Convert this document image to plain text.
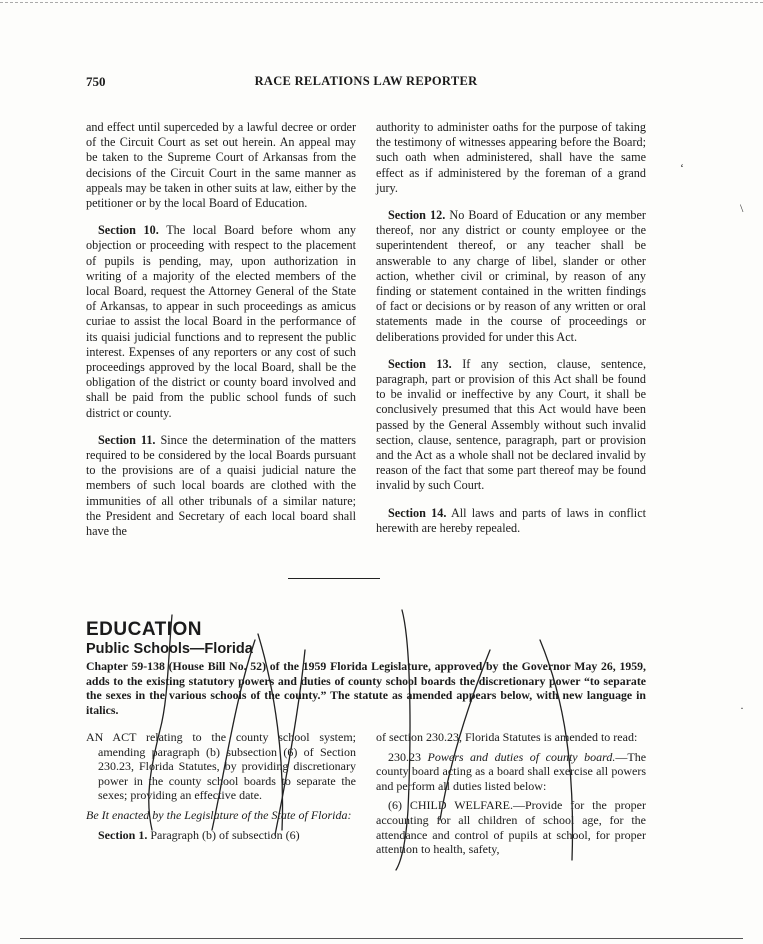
750	RACE RELATIONS LAW REPORTER

and effect until superceded by a lawful decree or order of the Circuit Court as set out herein. An appeal may be taken to the Supreme Court of Arkansas from the decisions of the Circuit Court in the same manner as appeals may be taken in other suits at law, either by the petitioner or by the local Board of Education.

Section 10. The local Board before whom any objection or proceeding with respect to the placement of pupils is pending, may, upon authorization in writing of a majority of the elected members of the local Board, request the Attorney General of the State of Arkansas, to appear in such proceedings as amicus curiae to assist the local Board in the performance of its quaisi judicial functions and to represent the public interest. Expenses of any reporters or any cost of such proceedings approved by the local Board, shall be the obligation of the district or county board involved and shall be paid from the public school funds of such district or county.

Section 11. Since the determination of the matters required to be considered by the local Boards pursuant to the provisions are of a quaisi judicial nature the members of such local boards are clothed with the immunities of all other tribunals of a similar nature; the President and Secretary of each local board shall have the

authority to administer oaths for the purpose of taking the testimony of witnesses appearing before the Board; such oath when administered, shall have the same effect as if administered by the foreman of a grand jury.

Section 12. No Board of Education or any member thereof, nor any district or county employee or the superintendent thereof, or any teacher shall be answerable to any charge of libel, slander or other action, whether civil or criminal, by reason of any finding or statement contained in the written findings of fact or decisions or by reason of any written or oral statements made in the course of proceedings or deliberations provided for under this Act.

Section 13. If any section, clause, sentence, paragraph, part or provision of this Act shall be found to be invalid or ineffective by any Court, it shall be conclusively presumed that this Act would have been passed by the General Assembly without such invalid section, clause, sentence, paragraph, part or provision and the Act as a whole shall not be declared invalid by reason of the fact that some part thereof may be found invalid by such Court.

Section 14. All laws and parts of laws in conflict herewith are hereby repealed.

EDUCATION
Public Schools—Florida
Chapter 59-138 (House Bill No. 52) of the 1959 Florida Legislature, approved by the Governor May 26, 1959, adds to the existing statutory powers and duties of county school boards the discretionary power “to separate the sexes in the various schools of the county.” The statute as amended appears below, with new language in italics.

AN ACT relating to the county school system; amending paragraph (b) subsection (6) of Section 230.23, Florida Statutes, by providing discretionary power in the county school boards to separate the sexes; providing an effective date.

Be It enacted by the Legislature of the State of Florida:

Section 1. Paragraph (b) of subsection (6)

of section 230.23, Florida Statutes is amended to read:

230.23 Powers and duties of county board.—The county board acting as a board shall exercise all powers and perform all duties listed below:

(6) CHILD WELFARE.—Provide for the proper accounting for all children of school age, for the attendance and control of pupils at school, for proper attention to health, safety,

‘
\
·
